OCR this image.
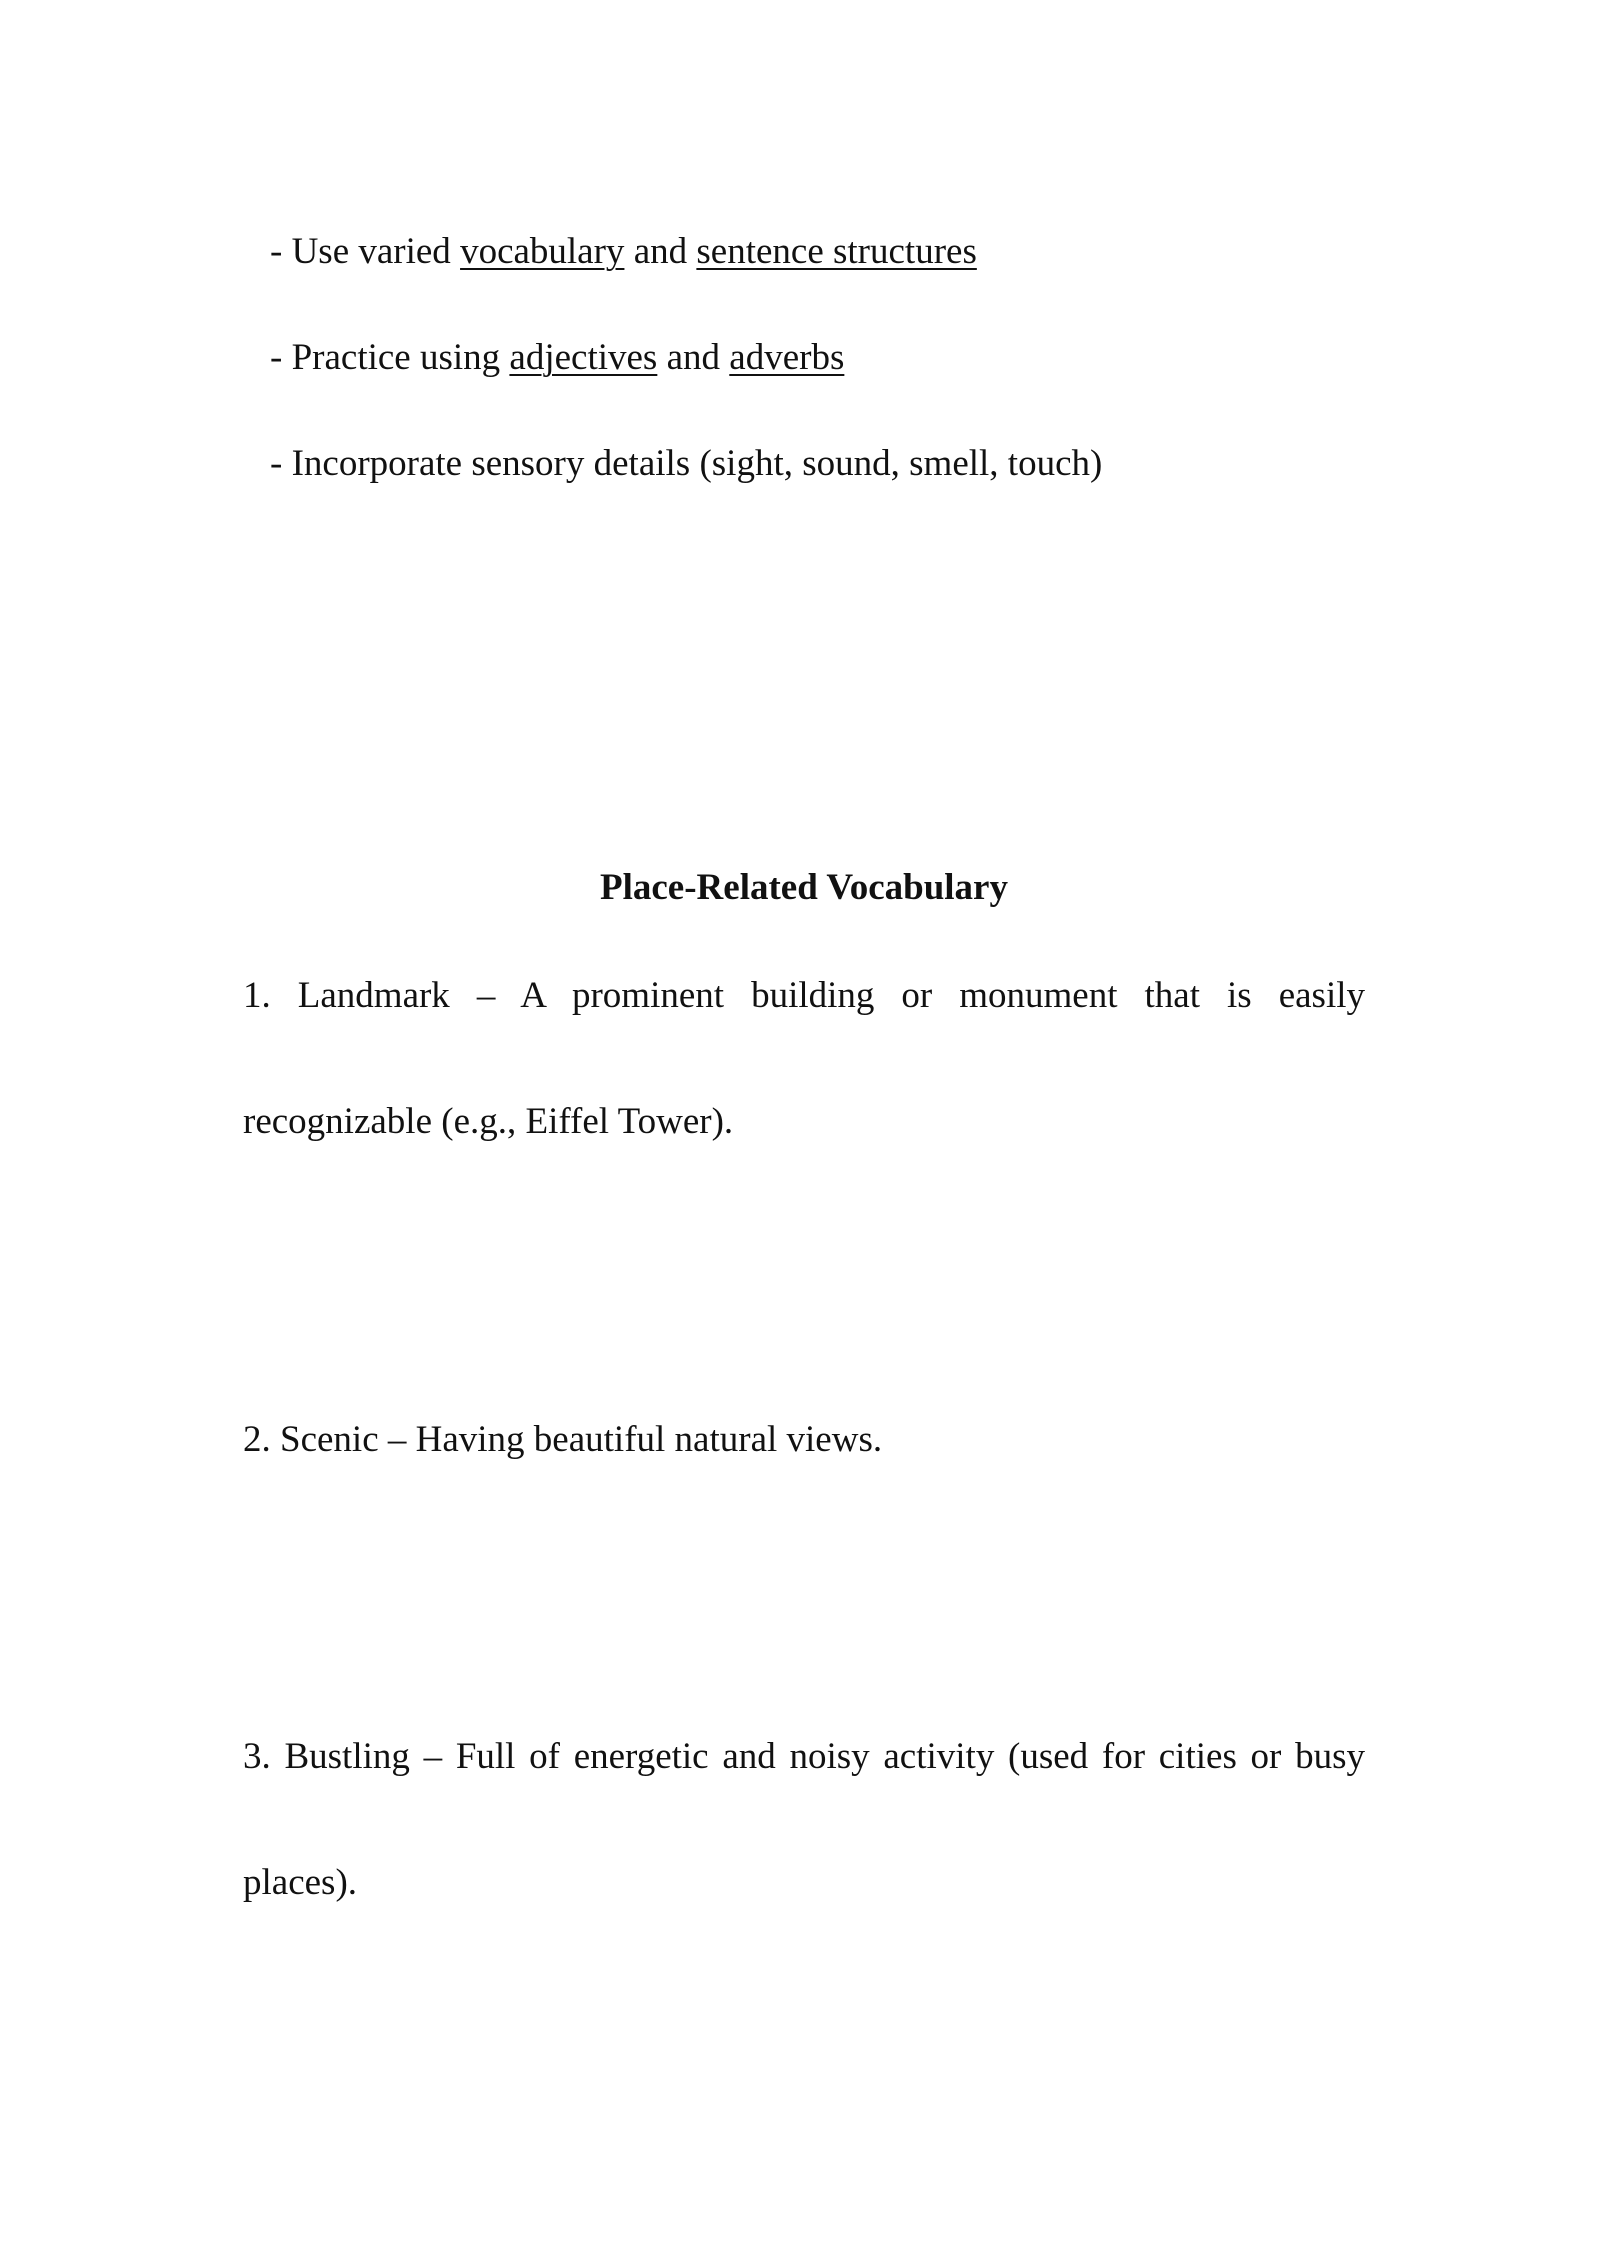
- Use varied vocabulary and sentence structures
- Practice using adjectives and adverbs
- Incorporate sensory details (sight, sound, smell, touch)
Place-Related Vocabulary
1. Landmark – A prominent building or monument that is easily
recognizable (e.g., Eiffel Tower).
2. Scenic – Having beautiful natural views.
3. Bustling – Full of energetic and noisy activity (used for cities or busy
places).
